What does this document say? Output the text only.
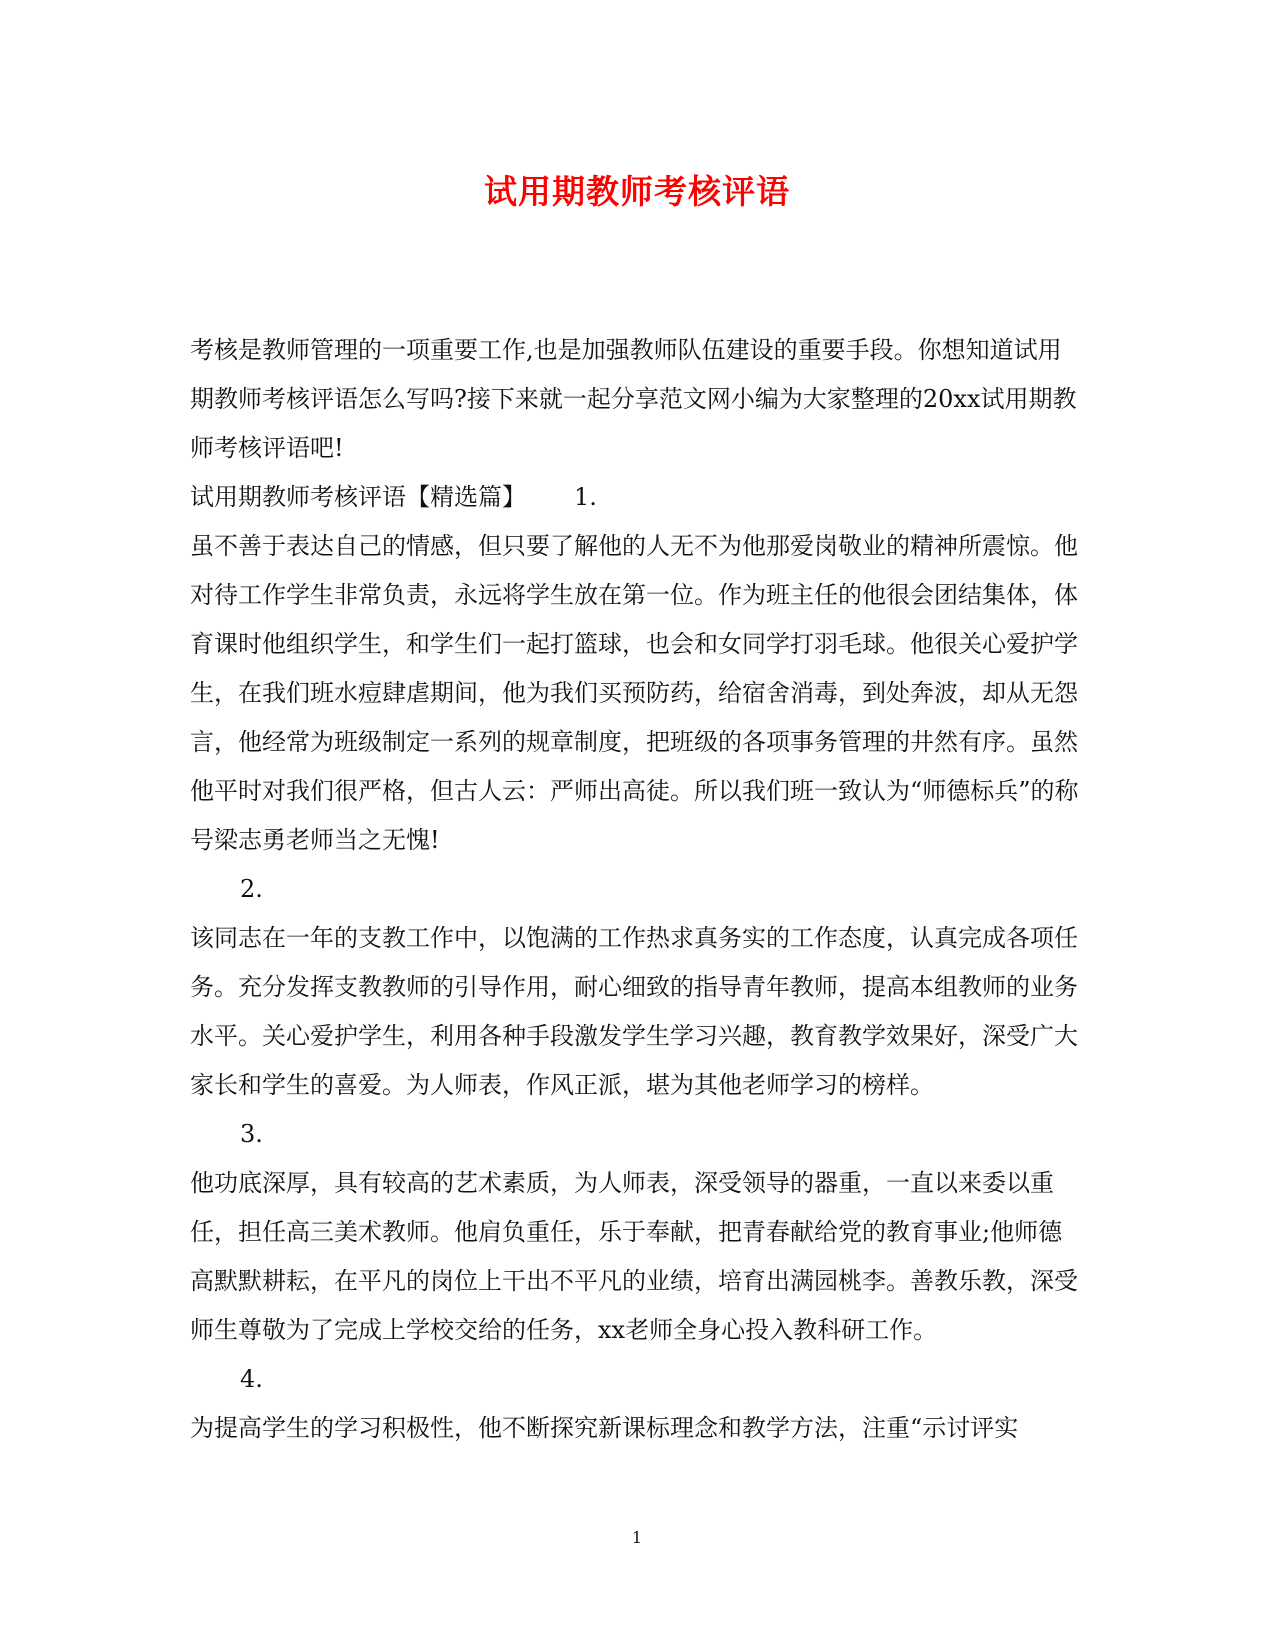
试用期教师考核评语

考核是教师管理的一项重要工作,也是加强教师队伍建设的重要手段。你想知道试用期教师考核评语怎么写吗?接下来就一起分享范文网小编为大家整理的20xx试用期教师考核评语吧!

试用期教师考核评语【精选篇】 1.

虽不善于表达自己的情感，但只要了解他的人无不为他那爱岗敬业的精神所震惊。他对待工作学生非常负责，永远将学生放在第一位。作为班主任的他很会团结集体，体育课时他组织学生，和学生们一起打篮球，也会和女同学打羽毛球。他很关心爱护学生，在我们班水痘肆虐期间，他为我们买预防药，给宿舍消毒，到处奔波，却从无怨言，他经常为班级制定一系列的规章制度，把班级的各项事务管理的井然有序。虽然他平时对我们很严格，但古人云：严师出高徒。所以我们班一致认为“师德标兵”的称号梁志勇老师当之无愧!

2.

该同志在一年的支教工作中，以饱满的工作热求真务实的工作态度，认真完成各项任务。充分发挥支教教师的引导作用，耐心细致的指导青年教师，提高本组教师的业务水平。关心爱护学生，利用各种手段激发学生学习兴趣，教育教学效果好，深受广大家长和学生的喜爱。为人师表，作风正派，堪为其他老师学习的榜样。

3.

他功底深厚，具有较高的艺术素质，为人师表，深受领导的器重，一直以来委以重任，担任高三美术教师。他肩负重任，乐于奉献，把青春献给党的教育事业;他师德高默默耕耘，在平凡的岗位上干出不平凡的业绩，培育出满园桃李。善教乐教，深受师生尊敬为了完成上学校交给的任务，xx老师全身心投入教科研工作。

4.

为提高学生的学习积极性，他不断探究新课标理念和教学方法，注重“示讨评实

1
